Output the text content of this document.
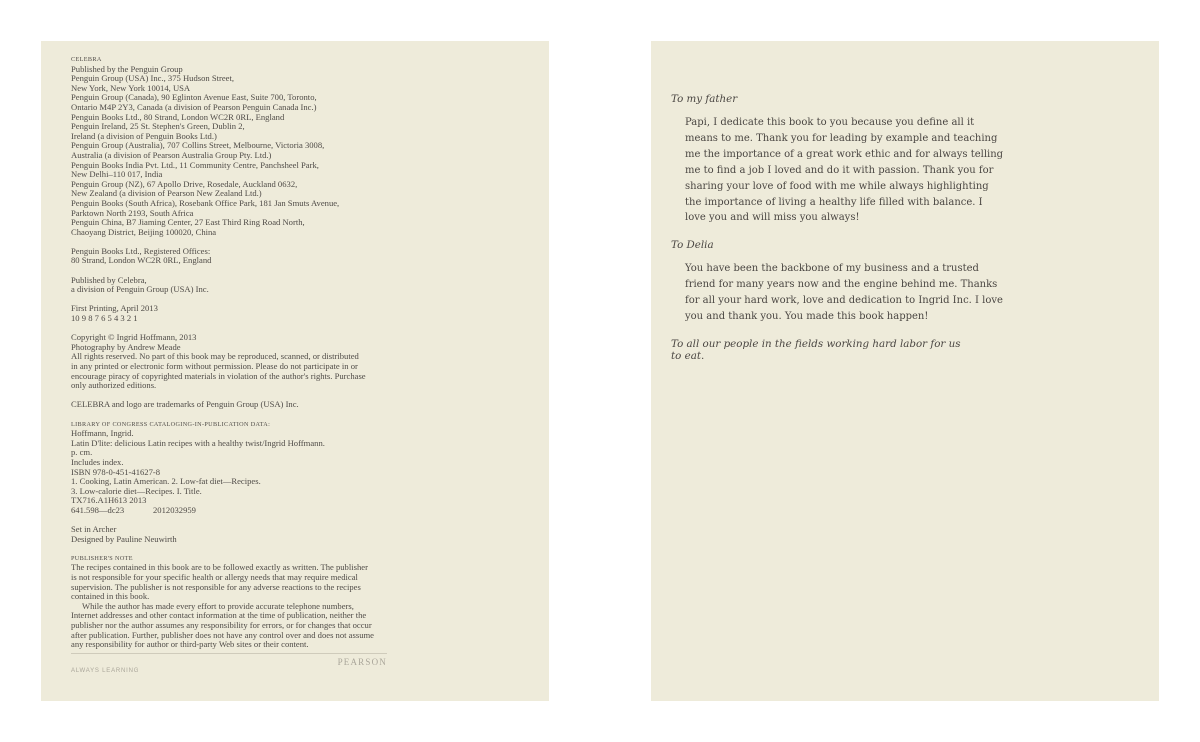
CELEBRA
Published by the Penguin Group
Penguin Group (USA) Inc., 375 Hudson Street,
New York, New York 10014, USA
Penguin Group (Canada), 90 Eglinton Avenue East, Suite 700, Toronto,
Ontario M4P 2Y3, Canada (a division of Pearson Penguin Canada Inc.)
Penguin Books Ltd., 80 Strand, London WC2R 0RL, England
Penguin Ireland, 25 St. Stephen's Green, Dublin 2,
Ireland (a division of Penguin Books Ltd.)
Penguin Group (Australia), 707 Collins Street, Melbourne, Victoria 3008,
Australia (a division of Pearson Australia Group Pty. Ltd.)
Penguin Books India Pvt. Ltd., 11 Community Centre, Panchsheel Park,
New Delhi–110 017, India
Penguin Group (NZ), 67 Apollo Drive, Rosedale, Auckland 0632,
New Zealand (a division of Pearson New Zealand Ltd.)
Penguin Books (South Africa), Rosebank Office Park, 181 Jan Smuts Avenue,
Parktown North 2193, South Africa
Penguin China, B7 Jiaming Center, 27 East Third Ring Road North,
Chaoyang District, Beijing 100020, China
Penguin Books Ltd., Registered Offices:
80 Strand, London WC2R 0RL, England
Published by Celebra,
a division of Penguin Group (USA) Inc.
First Printing, April 2013
10 9 8 7 6 5 4 3 2 1
Copyright © Ingrid Hoffmann, 2013
Photography by Andrew Meade
All rights reserved. No part of this book may be reproduced, scanned, or distributed
in any printed or electronic form without permission. Please do not participate in or
encourage piracy of copyrighted materials in violation of the author's rights. Purchase
only authorized editions.
CELEBRA and logo are trademarks of Penguin Group (USA) Inc.
LIBRARY OF CONGRESS CATALOGING-IN-PUBLICATION DATA:
Hoffmann, Ingrid.
Latin D'lite: delicious Latin recipes with a healthy twist/Ingrid Hoffmann.
p. cm.
Includes index.
ISBN 978-0-451-41627-8
1. Cooking, Latin American. 2. Low-fat diet—Recipes.
3. Low-calorie diet—Recipes. I. Title.
TX716.A1H613 2013
641.598—dc23	2012032959
Set in Archer
Designed by Pauline Neuwirth
PUBLISHER'S NOTE
The recipes contained in this book are to be followed exactly as written. The publisher
is not responsible for your specific health or allergy needs that may require medical
supervision. The publisher is not responsible for any adverse reactions to the recipes
contained in this book.
While the author has made every effort to provide accurate telephone numbers,
Internet addresses and other contact information at the time of publication, neither the
publisher nor the author assumes any responsibility for errors, or for changes that occur
after publication. Further, publisher does not have any control over and does not assume
any responsibility for author or third-party Web sites or their content.
ALWAYS LEARNING
PEARSON

To my father

Papi, I dedicate this book to you because you define all it
means to me. Thank you for leading by example and teaching
me the importance of a great work ethic and for always telling
me to find a job I loved and do it with passion. Thank you for
sharing your love of food with me while always highlighting
the importance of living a healthy life filled with balance. I
love you and will miss you always!

To Delia

You have been the backbone of my business and a trusted
friend for many years now and the engine behind me. Thanks
for all your hard work, love and dedication to Ingrid Inc. I love
you and thank you. You made this book happen!

To all our people in the fields working hard labor for us to eat.
